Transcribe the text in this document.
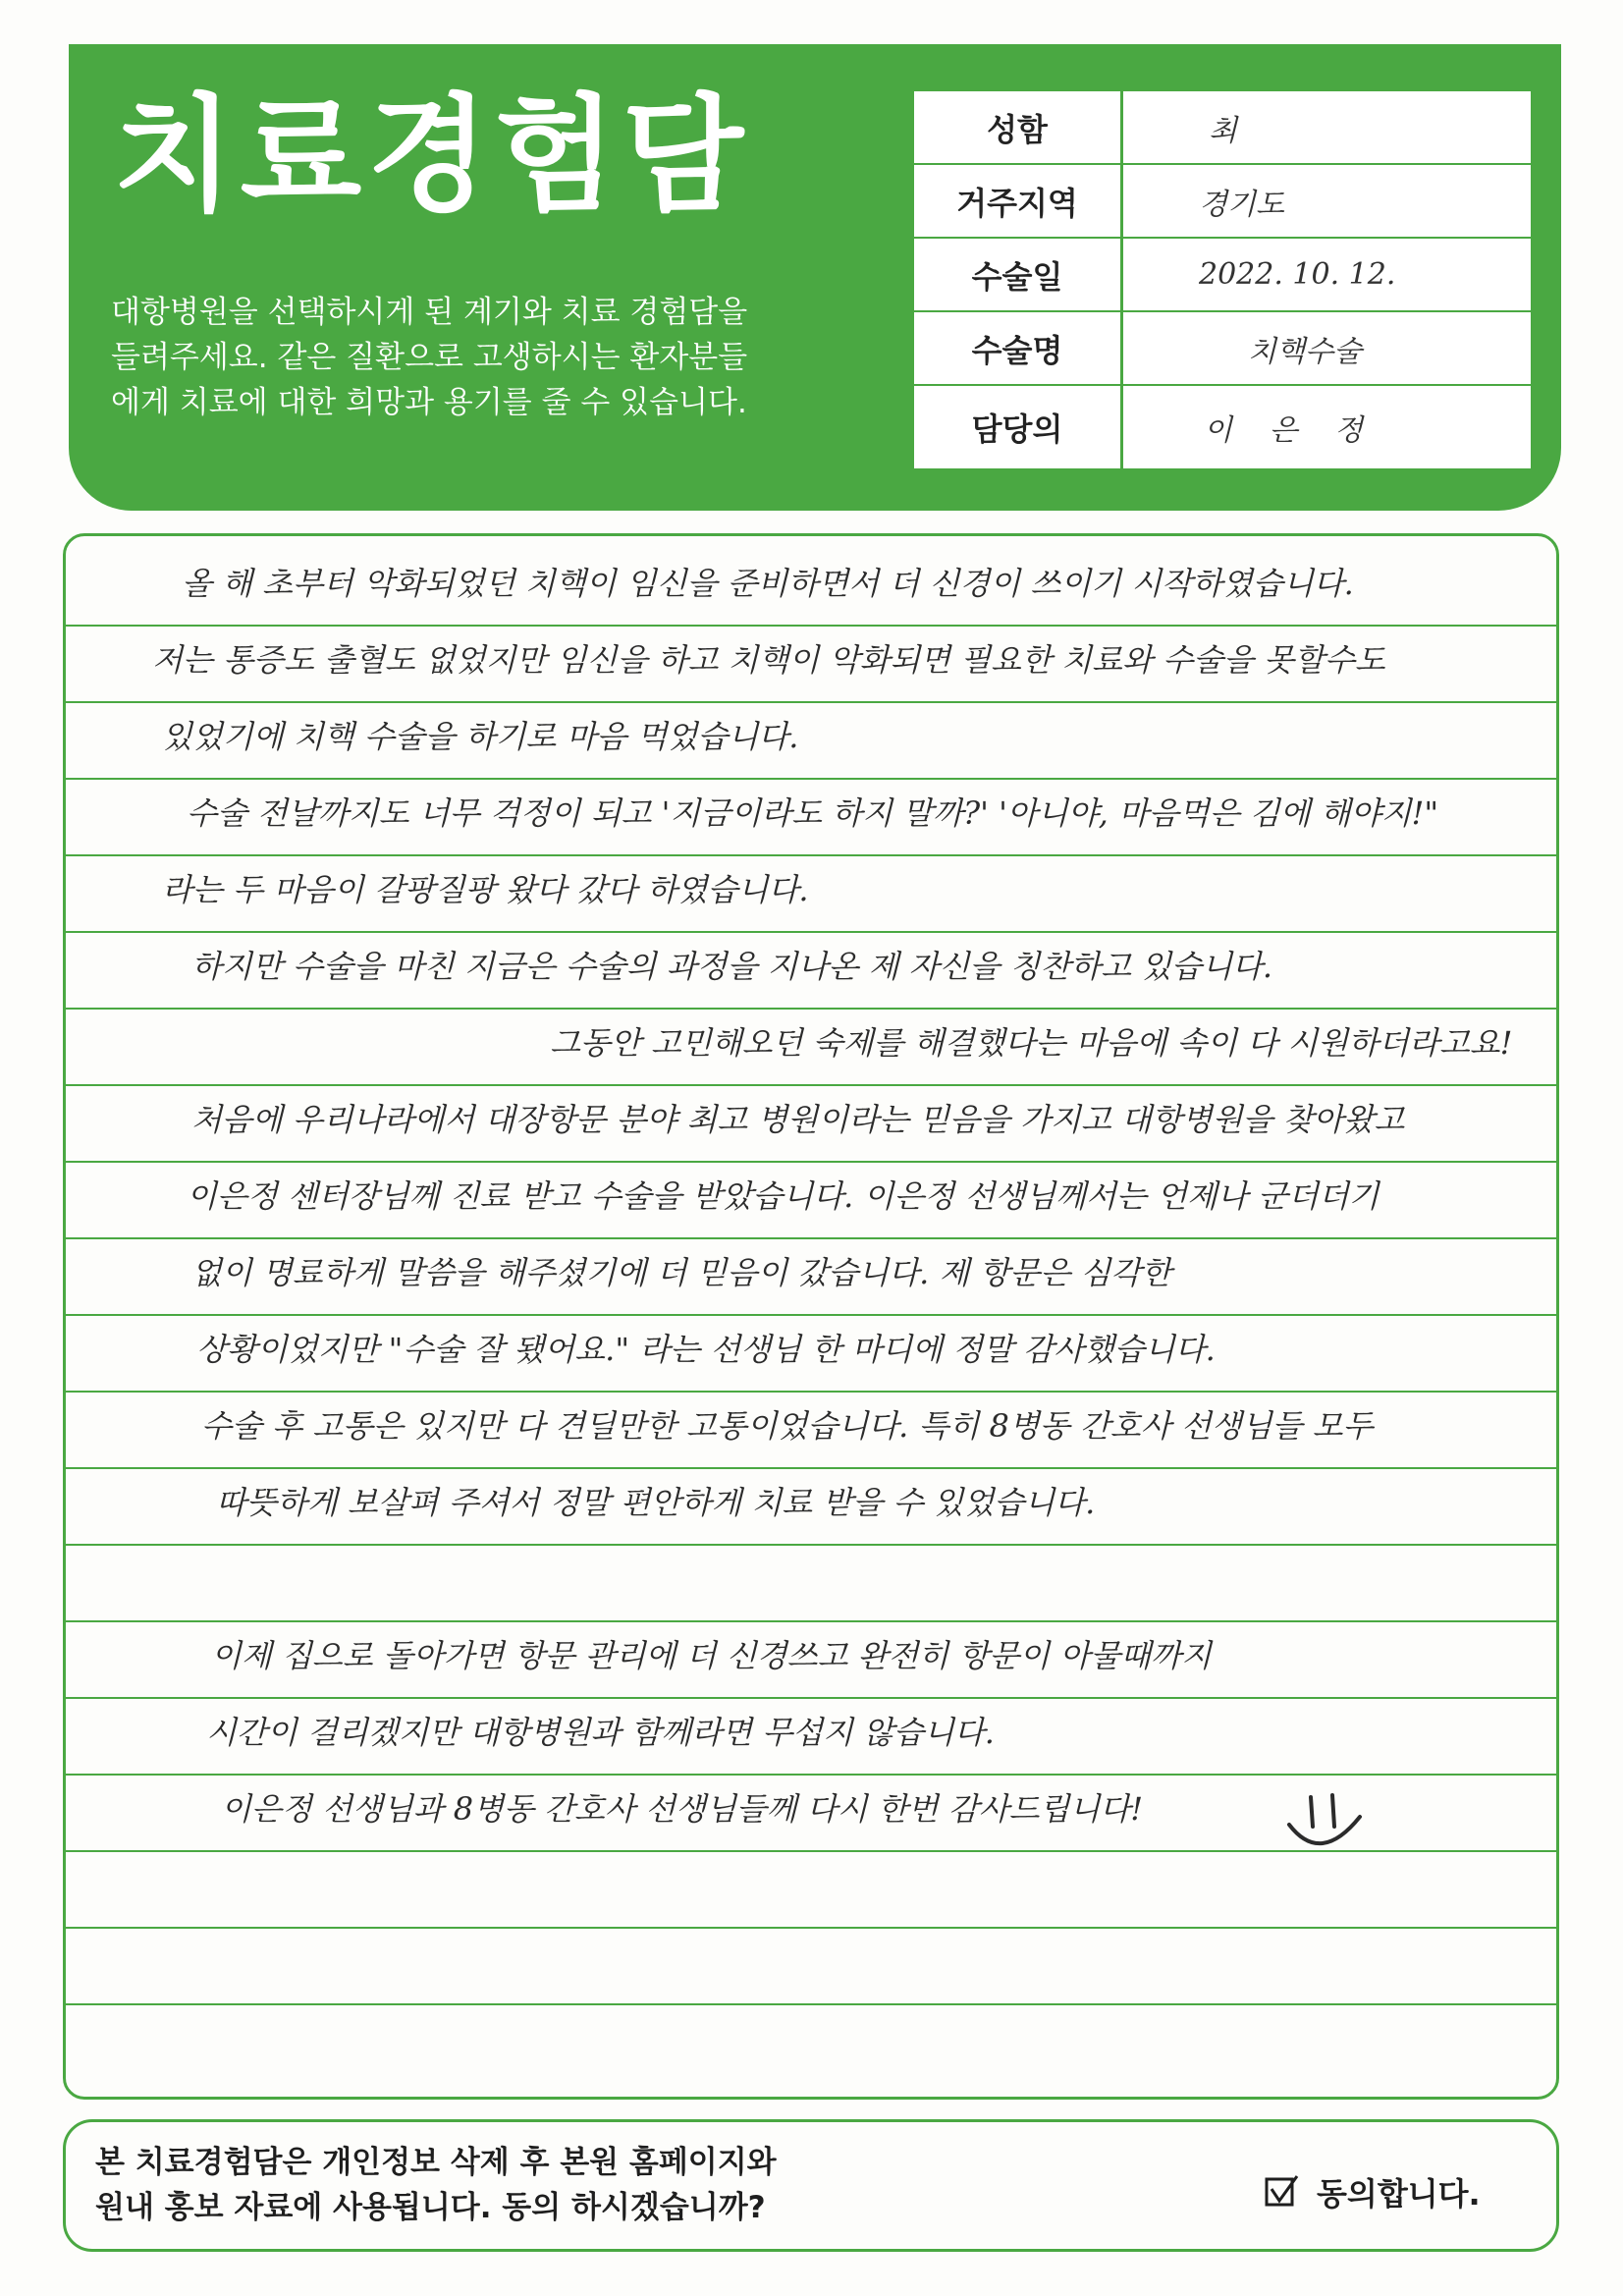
치료경험담
대항병원을 선택하시게 된 계기와 치료 경험담을
들려주세요. 같은 질환으로 고생하시는 환자분들
에게 치료에 대한 희망과 용기를 줄 수 있습니다.
성함	최
거주지역	경기도
수술일	2022. 10. 12.
수술명	치핵수술
담당의	이 은 정
올 해 초부터 악화되었던 치핵이 임신을 준비하면서 더 신경이 쓰이기 시작하였습니다.
저는 통증도 출혈도 없었지만 임신을 하고 치핵이 악화되면 필요한 치료와 수술을 못할수도
있었기에 치핵 수술을 하기로 마음 먹었습니다.
수술 전날까지도 너무 걱정이 되고 '지금이라도 하지 말까?' '아니야, 마음먹은 김에 해야지!"
라는 두 마음이 갈팡질팡 왔다 갔다 하였습니다.
하지만 수술을 마친 지금은 수술의 과정을 지나온 제 자신을 칭찬하고 있습니다.
그동안 고민해오던 숙제를 해결했다는 마음에 속이 다 시원하더라고요!
처음에 우리나라에서 대장항문 분야 최고 병원이라는 믿음을 가지고 대항병원을 찾아왔고
이은정 센터장님께 진료 받고 수술을 받았습니다. 이은정 선생님께서는 언제나 군더더기
없이 명료하게 말씀을 해주셨기에 더 믿음이 갔습니다. 제 항문은 심각한
상황이었지만 "수술 잘 됐어요." 라는 선생님 한 마디에 정말 감사했습니다.
수술 후 고통은 있지만 다 견딜만한 고통이었습니다. 특히 8병동 간호사 선생님들 모두
따뜻하게 보살펴 주셔서 정말 편안하게 치료 받을 수 있었습니다.
이제 집으로 돌아가면 항문 관리에 더 신경쓰고 완전히 항문이 아물때까지
시간이 걸리겠지만 대항병원과 함께라면 무섭지 않습니다.
이은정 선생님과 8병동 간호사 선생님들께 다시 한번 감사드립니다!
본 치료경험담은 개인정보 삭제 후 본원 홈페이지와
원내 홍보 자료에 사용됩니다. 동의 하시겠습니까?	동의합니다.
